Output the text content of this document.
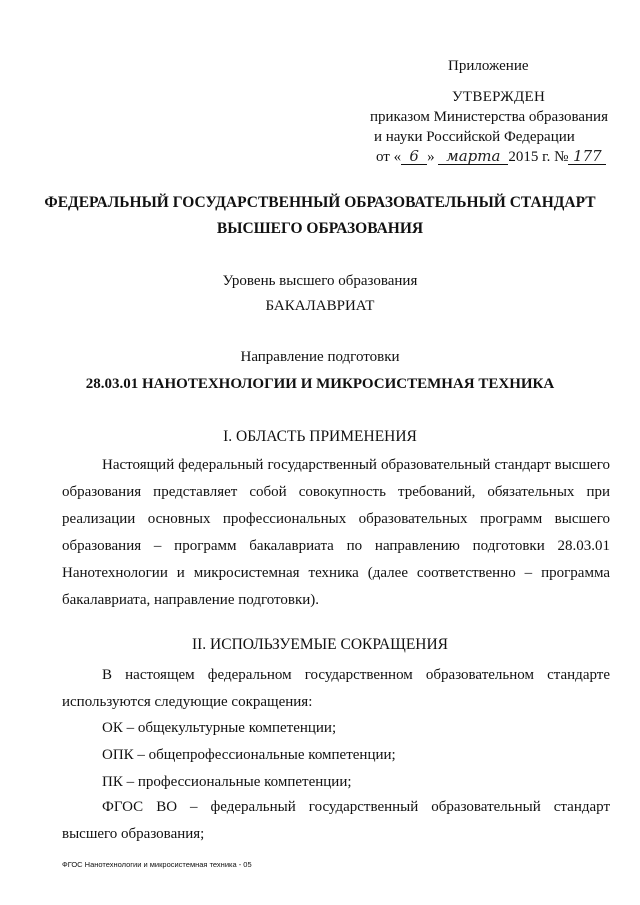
Приложение
УТВЕРЖДЕН
приказом Министерства образования
и науки Российской Федерации
от « 6 » марта 2015 г. № 177
ФЕДЕРАЛЬНЫЙ ГОСУДАРСТВЕННЫЙ ОБРАЗОВАТЕЛЬНЫЙ СТАНДАРТ
ВЫСШЕГО ОБРАЗОВАНИЯ
Уровень высшего образования
БАКАЛАВРИАТ
Направление подготовки
28.03.01 НАНОТЕХНОЛОГИИ И МИКРОСИСТЕМНАЯ ТЕХНИКА
I. ОБЛАСТЬ ПРИМЕНЕНИЯ
Настоящий федеральный государственный образовательный стандарт высшего образования представляет собой совокупность требований, обязательных при реализации основных профессиональных образовательных программ высшего образования – программ бакалавриата по направлению подготовки 28.03.01 Нанотехнологии и микросистемная техника (далее соответственно – программа бакалавриата, направление подготовки).
II. ИСПОЛЬЗУЕМЫЕ СОКРАЩЕНИЯ
В настоящем федеральном государственном образовательном стандарте используются следующие сокращения:
ОК – общекультурные компетенции;
ОПК – общепрофессиональные компетенции;
ПК – профессиональные компетенции;
ФГОС ВО – федеральный государственный образовательный стандарт высшего образования;
ФГОС Нанотехнологии и микросистемная техника - 05
